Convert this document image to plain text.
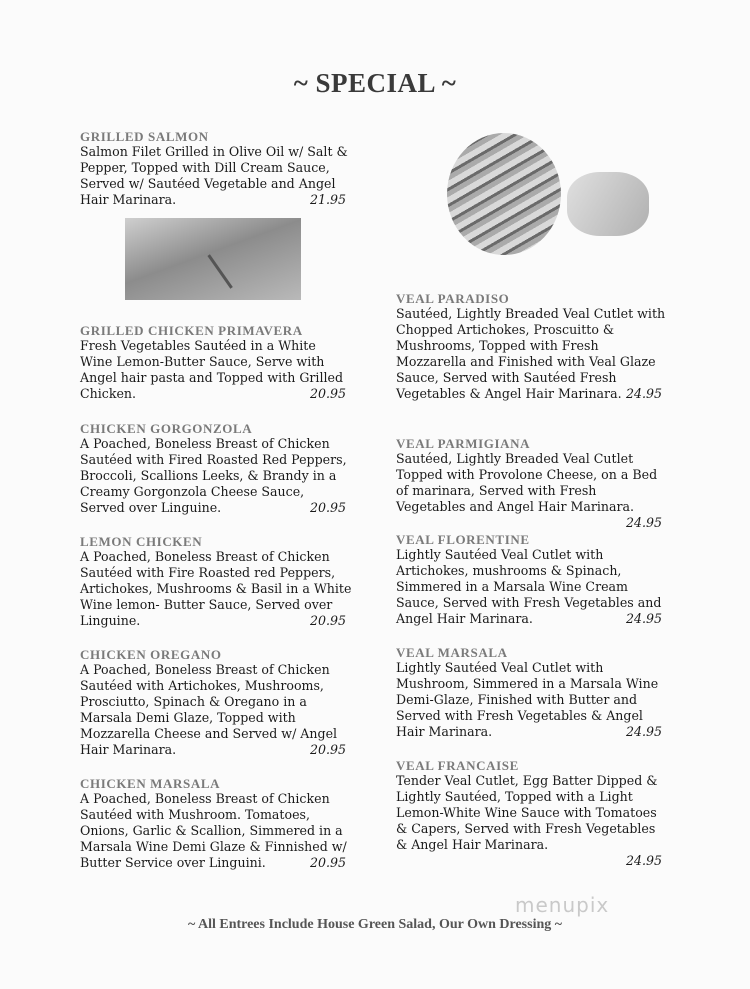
~ SPECIAL ~
GRILLED SALMON
Salmon Filet Grilled in Olive Oil w/ Salt & Pepper, Topped with Dill Cream Sauce, Served w/ Sautéed Vegetable and Angel Hair Marinara.	21.95
GRILLED CHICKEN PRIMAVERA
Fresh Vegetables Sautéed in a White Wine Lemon-Butter Sauce, Serve with Angel hair pasta and Topped with Grilled Chicken.	20.95
CHICKEN GORGONZOLA
A Poached, Boneless Breast of Chicken Sautéed with Fired Roasted Red Peppers, Broccoli, Scallions Leeks, & Brandy in a Creamy Gorgonzola Cheese Sauce, Served over Linguine.	20.95
LEMON CHICKEN
A Poached, Boneless Breast of Chicken Sautéed with Fire Roasted red Peppers, Artichokes, Mushrooms & Basil in a White Wine lemon- Butter Sauce, Served over Linguine.	20.95
CHICKEN OREGANO
A Poached, Boneless Breast of Chicken Sautéed with Artichokes, Mushrooms, Prosciutto, Spinach & Oregano in a Marsala Demi Glaze, Topped with Mozzarella Cheese and Served w/ Angel Hair Marinara.	20.95
CHICKEN MARSALA
A Poached, Boneless Breast of Chicken Sautéed with Mushroom. Tomatoes, Onions, Garlic & Scallion, Simmered in a Marsala Wine Demi Glaze & Finnished w/ Butter Service over Linguini.	20.95
VEAL PARADISO
Sautéed, Lightly Breaded Veal Cutlet with Chopped Artichokes, Proscuitto & Mushrooms, Topped with Fresh Mozzarella and Finished with Veal Glaze Sauce, Served with Sautéed Fresh Vegetables & Angel Hair Marinara. 24.95
VEAL PARMIGIANA
Sautéed, Lightly Breaded Veal Cutlet Topped with Provolone Cheese, on a Bed of marinara, Served with Fresh Vegetables and Angel Hair Marinara.
24.95
VEAL FLORENTINE
Lightly Sautéed Veal Cutlet with Artichokes, mushrooms & Spinach, Simmered in a Marsala Wine Cream Sauce, Served with Fresh Vegetables and Angel Hair Marinara.	24.95
VEAL MARSALA
Lightly Sautéed Veal Cutlet with Mushroom, Simmered in a Marsala Wine Demi-Glaze, Finished with Butter and Served with Fresh Vegetables & Angel Hair Marinara.	24.95
VEAL FRANCAISE
Tender Veal Cutlet, Egg Batter Dipped & Lightly Sautéed, Topped with a Light Lemon-White Wine Sauce with Tomatoes & Capers, Served with Fresh Vegetables & Angel Hair Marinara.
24.95
menupix
~ All Entrees Include House Green Salad, Our Own Dressing ~
